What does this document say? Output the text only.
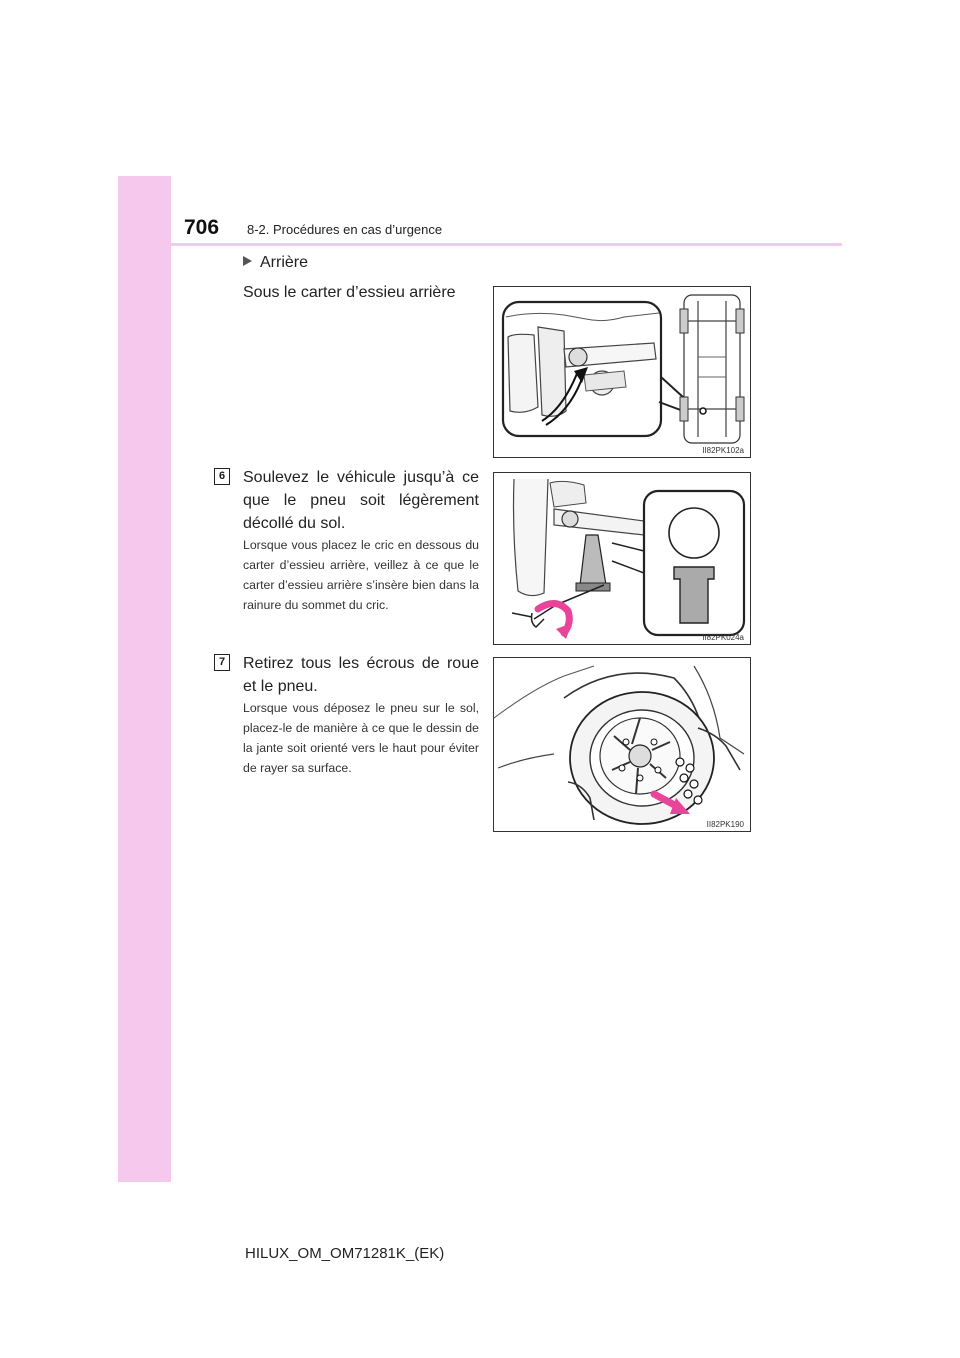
706 8-2. Procédures en cas d’urgence
Arrière
Sous le carter d’essieu arrière
II82PK102a
6	Soulevez le véhicule jusqu’à ce que le pneu soit légèrement décollé du sol.
Lorsque vous placez le cric en dessous du carter d’essieu arrière, veillez à ce que le carter d’essieu arrière s’insère bien dans la rainure du sommet du cric.
II82PK024a
7	Retirez tous les écrous de roue et le pneu.
Lorsque vous déposez le pneu sur le sol, placez-le de manière à ce que le dessin de la jante soit orienté vers le haut pour éviter de rayer sa surface.
II82PK190
HILUX_OM_OM71281K_(EK)
